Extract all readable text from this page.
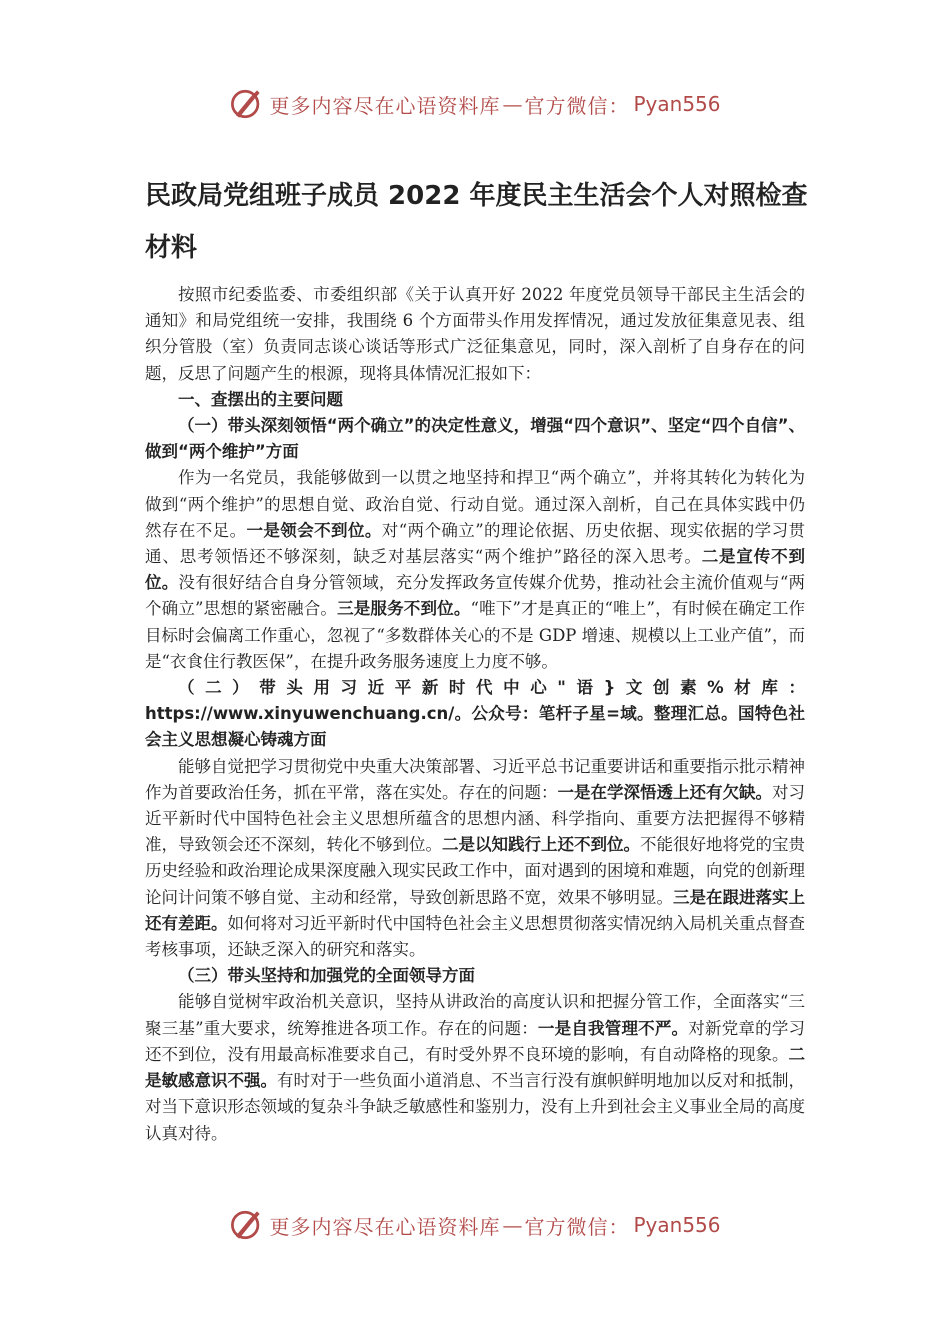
更多内容尽在心语资料库 — 官方微信： Pyan556
民政局党组班子成员 2022 年度民主生活会个人对照检查材料

按照市纪委监委、市委组织部《关于认真开好 2022 年度党员领导干部民主生活会的通知》和局党组统一安排，我围绕 6 个方面带头作用发挥情况，通过发放征集意见表、组织分管股（室）负责同志谈心谈话等形式广泛征集意见，同时，深入剖析了自身存在的问题，反思了问题产生的根源，现将具体情况汇报如下：

一、查摆出的主要问题

（一）带头深刻领悟“两个确立”的决定性意义，增强“四个意识”、坚定“四个自信”、做到“两个维护”方面

作为一名党员，我能够做到一以贯之地坚持和捍卫“两个确立”，并将其转化为转化为做到“两个维护”的思想自觉、政治自觉、行动自觉。通过深入剖析，自己在具体实践中仍然存在不足。一是领会不到位。对“两个确立”的理论依据、历史依据、现实依据的学习贯通、思考领悟还不够深刻，缺乏对基层落实“两个维护”路径的深入思考。二是宣传不到位。没有很好结合自身分管领域，充分发挥政务宣传媒介优势，推动社会主流价值观与“两个确立”思想的紧密融合。三是服务不到位。“唯下”才是真正的“唯上”，有时候在确定工作目标时会偏离工作重心，忽视了“多数群体关心的不是 GDP 增速、规模以上工业产值”，而是“衣食住行教医保”，在提升政务服务速度上力度不够。

（二）带头用习近平新时代中心"语}文创素%材库：https://www.xinyuwenchuang.cn/。公众号：笔杆子星=域。整理汇总。国特色社会主义思想凝心铸魂方面

能够自觉把学习贯彻党中央重大决策部署、习近平总书记重要讲话和重要指示批示精神作为首要政治任务，抓在平常，落在实处。存在的问题：一是在学深悟透上还有欠缺。对习近平新时代中国特色社会主义思想所蕴含的思想内涵、科学指向、重要方法把握得不够精准，导致领会还不深刻，转化不够到位。二是以知践行上还不到位。不能很好地将党的宝贵历史经验和政治理论成果深度融入现实民政工作中，面对遇到的困境和难题，向党的创新理论问计问策不够自觉、主动和经常，导致创新思路不宽，效果不够明显。三是在跟进落实上还有差距。如何将对习近平新时代中国特色社会主义思想贯彻落实情况纳入局机关重点督查考核事项，还缺乏深入的研究和落实。

（三）带头坚持和加强党的全面领导方面

能够自觉树牢政治机关意识，坚持从讲政治的高度认识和把握分管工作，全面落实“三聚三基”重大要求，统筹推进各项工作。存在的问题：一是自我管理不严。对新党章的学习还不到位，没有用最高标准要求自己，有时受外界不良环境的影响，有自动降格的现象。二是敏感意识不强。有时对于一些负面小道消息、不当言行没有旗帜鲜明地加以反对和抵制，对当下意识形态领域的复杂斗争缺乏敏感性和鉴别力，没有上升到社会主义事业全局的高度认真对待。

更多内容尽在心语资料库 — 官方微信： Pyan556
